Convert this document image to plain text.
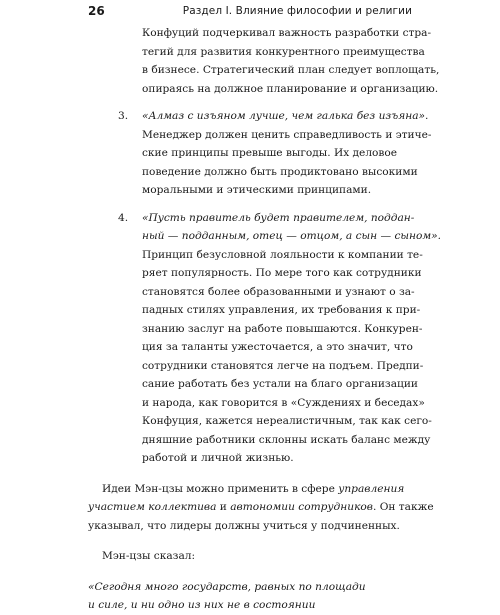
26	Раздел I. Влияние философии и религии
Конфуций подчеркивал важность разработки стра-
тегий для развития конкурентного преимущества
в бизнесе. Стратегический план следует воплощать,
опираясь на должное планирование и организацию.
3. «Алмаз с изъяном лучше, чем галька без изъяна».
Менеджер должен ценить справедливость и этиче-
ские принципы превыше выгоды. Их деловое
поведение должно быть продиктовано высокими
моральными и этическими принципами.
4. «Пусть правитель будет правителем, поддан-
ный — подданным, отец — отцом, а сын — сыном».
Принцип безусловной лояльности к компании те-
ряет популярность. По мере того как сотрудники
становятся более образованными и узнают о за-
падных стилях управления, их требования к при-
знанию заслуг на работе повышаются. Конкурен-
ция за таланты ужесточается, а это значит, что
сотрудники становятся легче на подъем. Предпи-
сание работать без устали на благо организации
и народа, как говорится в «Суждениях и беседах»
Конфуция, кажется нереалистичным, так как сего-
дняшние работники склонны искать баланс между
работой и личной жизнью.
Идеи Мэн-цзы можно применить в сфере управления
участием коллектива и автономии сотрудников. Он также
указывал, что лидеры должны учиться у подчиненных.
Мэн-цзы сказал:
«Сегодня много государств, равных по площади
и силе, и ни одно из них не в состоянии
